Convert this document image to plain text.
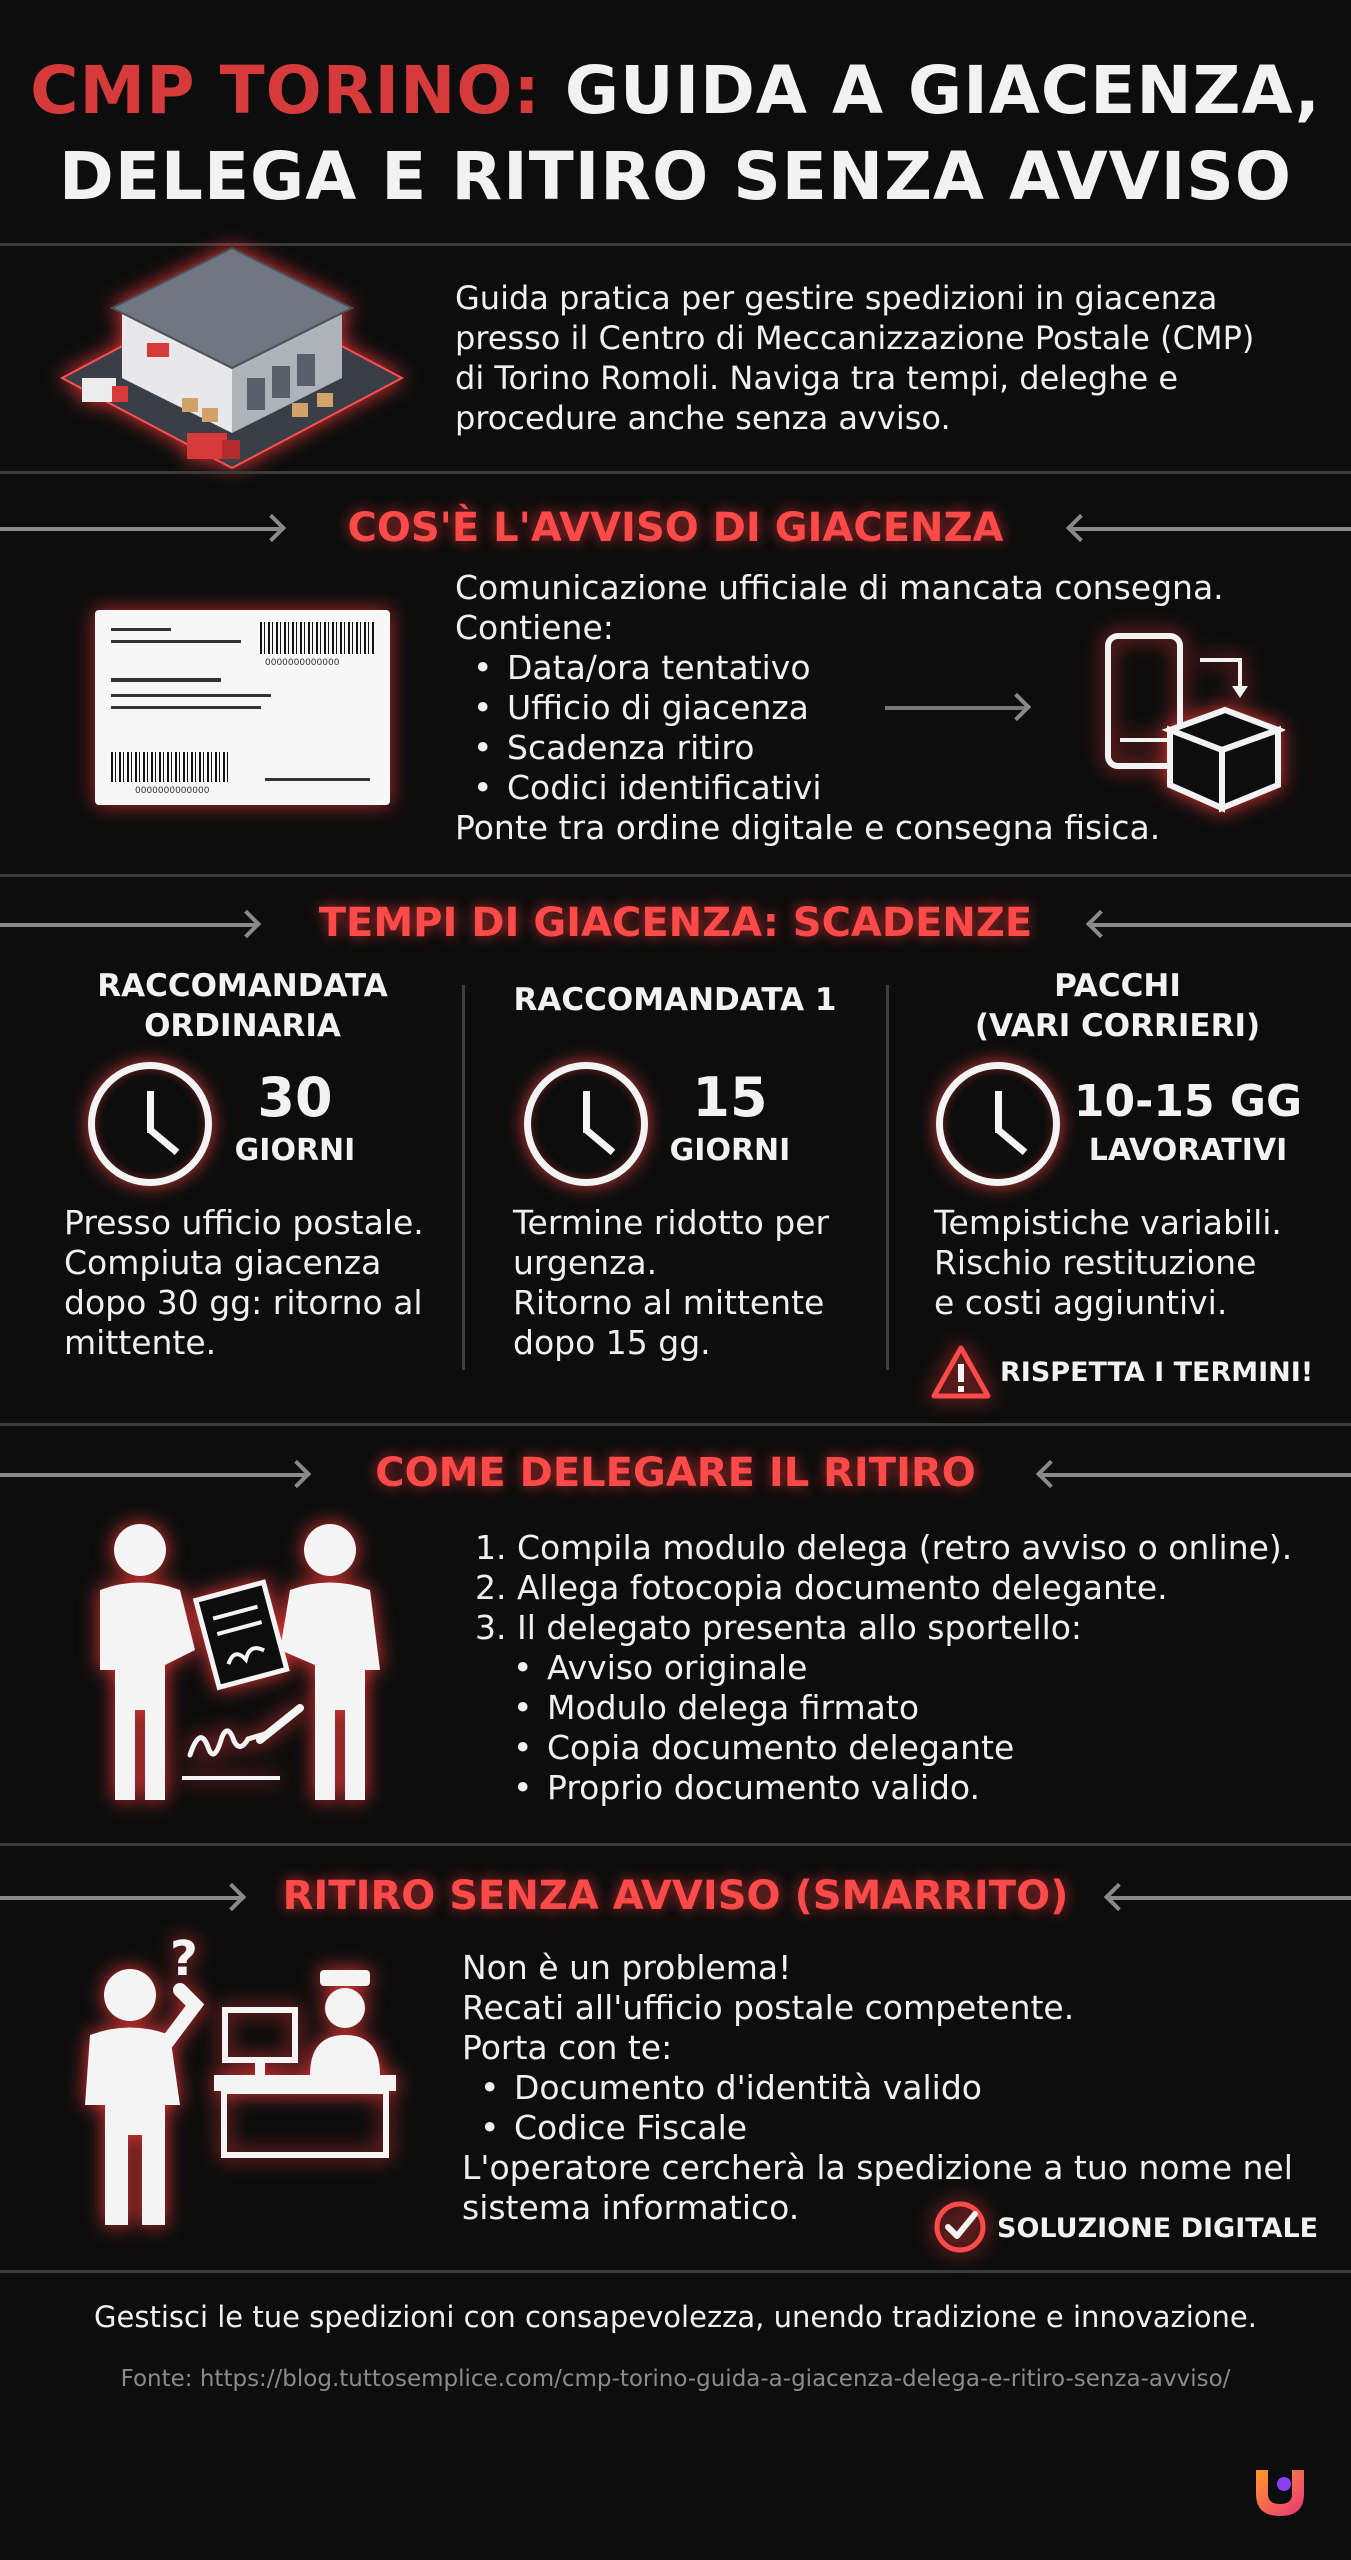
CMP TORINO: GUIDA A GIACENZA,
DELEGA E RITIRO SENZA AVVISO
Guida pratica per gestire spedizioni in giacenza
presso il Centro di Meccanizzazione Postale (CMP)
di Torino Romoli. Naviga tra tempi, deleghe e
procedure anche senza avviso.
COS'È L'AVVISO DI GIACENZA
0000000000000
0000000000000
Comunicazione ufficiale di mancata consegna.
Contiene:
• Data/ora tentativo
• Ufficio di giacenza
• Scadenza ritiro
• Codici identificativi
Ponte tra ordine digitale e consegna fisica.
TEMPI DI GIACENZA: SCADENZE
RACCOMANDATA
ORDINARIA
30
GIORNI
Presso ufficio postale.
Compiuta giacenza
dopo 30 gg: ritorno al
mittente.
RACCOMANDATA 1
15
GIORNI
Termine ridotto per
urgenza.
Ritorno al mittente
dopo 15 gg.
PACCHI
(VARI CORRIERI)
10-15 GG
LAVORATIVI
Tempistiche variabili.
Rischio restituzione
e costi aggiuntivi.
RISPETTA I TERMINI!
COME DELEGARE IL RITIRO
1. Compila modulo delega (retro avviso o online).
2. Allega fotocopia documento delegante.
3. Il delegato presenta allo sportello:
• Avviso originale
• Modulo delega firmato
• Copia documento delegante
• Proprio documento valido.
RITIRO SENZA AVVISO (SMARRITO)
?	Non è un problema!
Recati all'ufficio postale competente.
Porta con te:
• Documento d'identità valido
• Codice Fiscale
L'operatore cercherà la spedizione a tuo nome nel
sistema informatico.
SOLUZIONE DIGITALE
Gestisci le tue spedizioni con consapevolezza, unendo tradizione e innovazione.
Fonte: https://blog.tuttosemplice.com/cmp-torino-guida-a-giacenza-delega-e-ritiro-senza-avviso/
